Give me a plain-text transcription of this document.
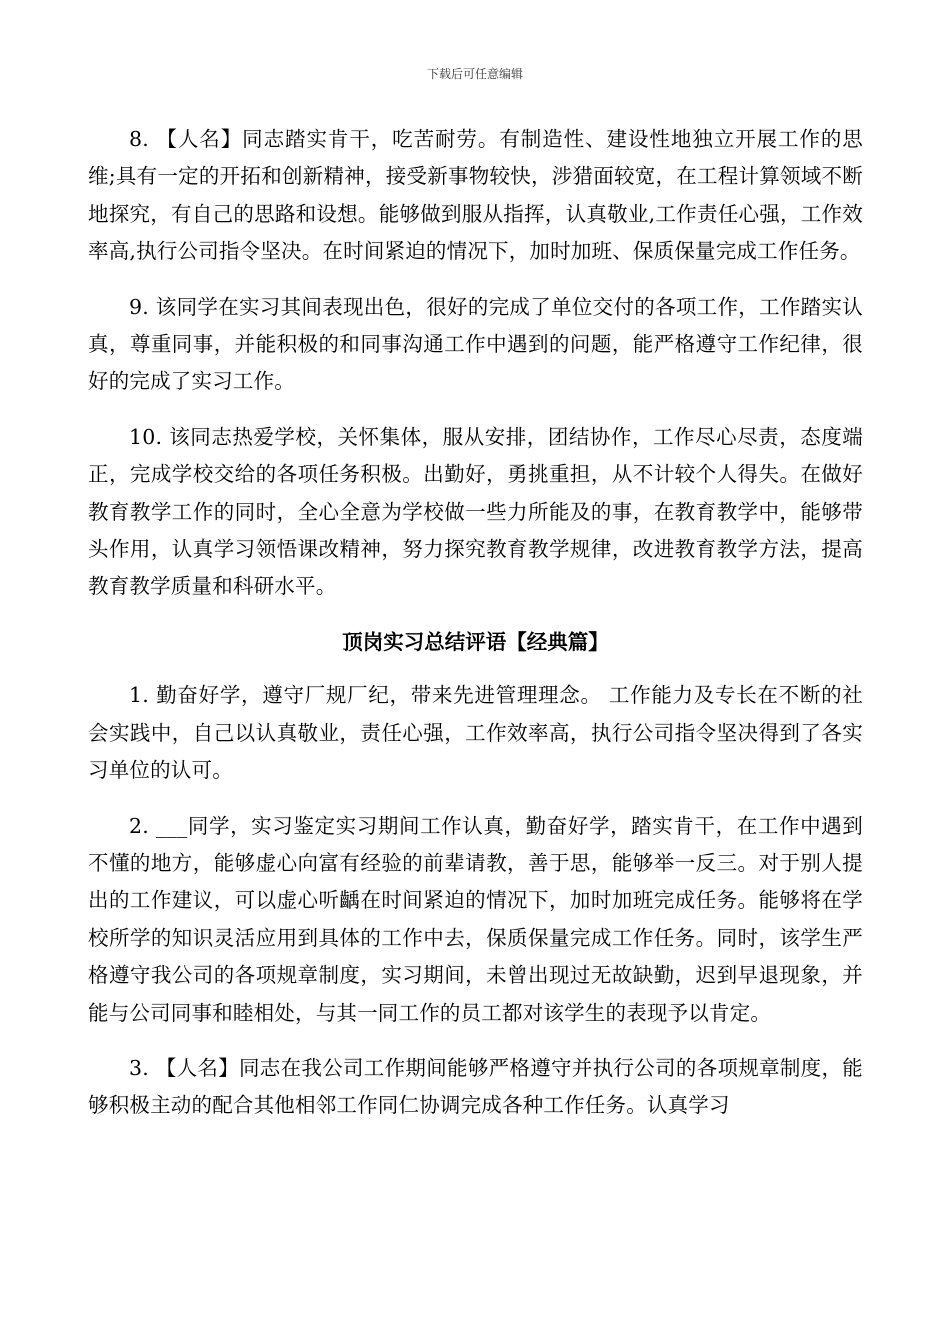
下载后可任意编辑

8. 【人名】同志踏实肯干，吃苦耐劳。有制造性、建设性地独立开展工作的思维;具有一定的开拓和创新精神，接受新事物较快，涉猎面较宽，在工程计算领域不断地探究，有自己的思路和设想。能够做到服从指挥，认真敬业,工作责任心强，工作效率高,执行公司指令坚决。在时间紧迫的情况下，加时加班、保质保量完成工作任务。

9. 该同学在实习其间表现出色，很好的完成了单位交付的各项工作，工作踏实认真，尊重同事，并能积极的和同事沟通工作中遇到的问题，能严格遵守工作纪律，很好的完成了实习工作。

10. 该同志热爱学校，关怀集体，服从安排，团结协作，工作尽心尽责，态度端正，完成学校交给的各项任务积极。出勤好，勇挑重担，从不计较个人得失。在做好教育教学工作的同时，全心全意为学校做一些力所能及的事，在教育教学中，能够带头作用，认真学习领悟课改精神，努力探究教育教学规律，改进教育教学方法，提高教育教学质量和科研水平。

顶岗实习总结评语【经典篇】

1. 勤奋好学，遵守厂规厂纪，带来先进管理理念。 工作能力及专长在不断的社会实践中，自己以认真敬业，责任心强，工作效率高，执行公司指令坚决得到了各实习单位的认可。

2. ___同学，实习鉴定实习期间工作认真，勤奋好学，踏实肯干，在工作中遇到不懂的地方，能够虚心向富有经验的前辈请教，善于思，能够举一反三。对于别人提出的工作建议，可以虚心听齲在时间紧迫的情况下，加时加班完成任务。能够将在学校所学的知识灵活应用到具体的工作中去，保质保量完成工作任务。同时，该学生严格遵守我公司的各项规章制度，实习期间，未曾出现过无故缺勤，迟到早退现象，并能与公司同事和睦相处，与其一同工作的员工都对该学生的表现予以肯定。

3. 【人名】同志在我公司工作期间能够严格遵守并执行公司的各项规章制度，能够积极主动的配合其他相邻工作同仁协调完成各种工作任务。认真学习
